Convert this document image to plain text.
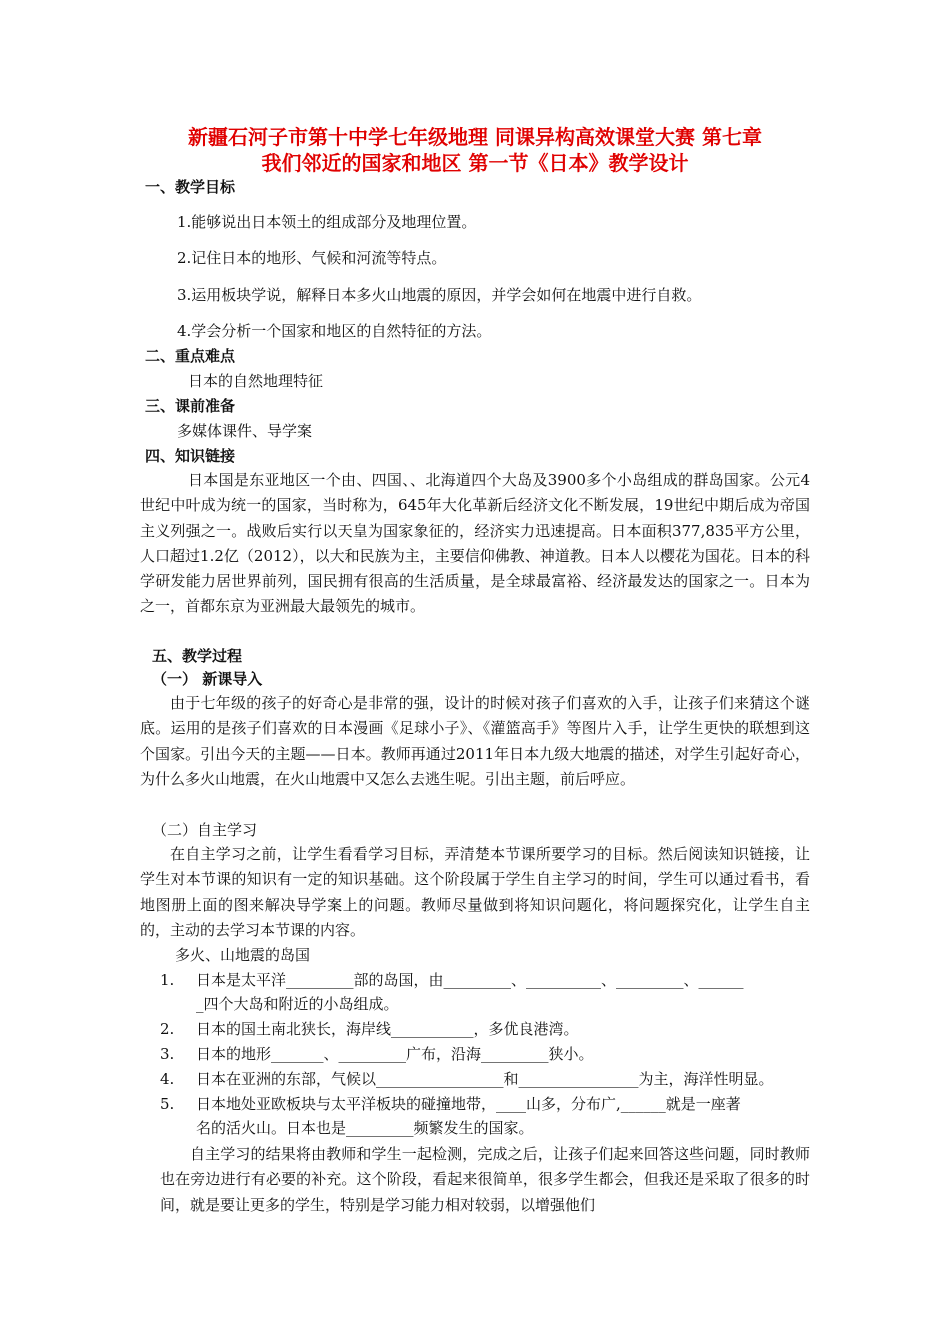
新疆石河子市第十中学七年级地理 同课异构高效课堂大赛 第七章
我们邻近的国家和地区 第一节《日本》教学设计
一、教学目标
1.能够说出日本领土的组成部分及地理位置。
2.记住日本的地形、气候和河流等特点。
3.运用板块学说，解释日本多火山地震的原因，并学会如何在地震中进行自救。
4.学会分析一个国家和地区的自然特征的方法。
二、重点难点
日本的自然地理特征
三、课前准备
多媒体课件、导学案
四、知识链接
日本国是东亚地区一个由、四国、、北海道四个大岛及3900多个小岛组成的群岛国家。公元4世纪中叶成为统一的国家，当时称为，645年大化革新后经济文化不断发展，19世纪中期后成为帝国主义列强之一。战败后实行以天皇为国家象征的，经济实力迅速提高。日本面积377,835平方公里，人口超过1.2亿（2012），以大和民族为主，主要信仰佛教、神道教。日本人以樱花为国花。日本的科学研发能力居世界前列，国民拥有很高的生活质量，是全球最富裕、经济最发达的国家之一。日本为之一，首都东京为亚洲最大最领先的城市。
五、教学过程
（一） 新课导入
由于七年级的孩子的好奇心是非常的强，设计的时候对孩子们喜欢的入手，让孩子们来猜这个谜底。运用的是孩子们喜欢的日本漫画《足球小子》、《灌篮高手》等图片入手，让学生更快的联想到这个国家。引出今天的主题——日本。教师再通过2011年日本九级大地震的描述，对学生引起好奇心，为什么多火山地震，在火山地震中又怎么去逃生呢。引出主题，前后呼应。
（二）自主学习
在自主学习之前，让学生看看学习目标，弄清楚本节课所要学习的目标。然后阅读知识链接，让学生对本节课的知识有一定的知识基础。这个阶段属于学生自主学习的时间，学生可以通过看书，看地图册上面的图来解决导学案上的问题。教师尽量做到将知识问题化，将问题探究化，让学生自主的，主动的去学习本节课的内容。
多火、山地震的岛国
1. 日本是太平洋_________部的岛国，由_________、__________、_________、______
_四个大岛和附近的小岛组成。
2. 日本的国土南北狭长，海岸线___________，多优良港湾。
3. 日本的地形_______、_________广布，沿海_________狭小。
4. 日本在亚洲的东部，气候以_________________和________________为主，海洋性明显。
5. 日本地处亚欧板块与太平洋板块的碰撞地带，____山多，分布广,______就是一座著
名的活火山。日本也是_________频繁发生的国家。
自主学习的结果将由教师和学生一起检测，完成之后，让孩子们起来回答这些问题，同时教师也在旁边进行有必要的补充。这个阶段，看起来很简单，很多学生都会，但我还是采取了很多的时间，就是要让更多的学生，特别是学习能力相对较弱，以增强他们
